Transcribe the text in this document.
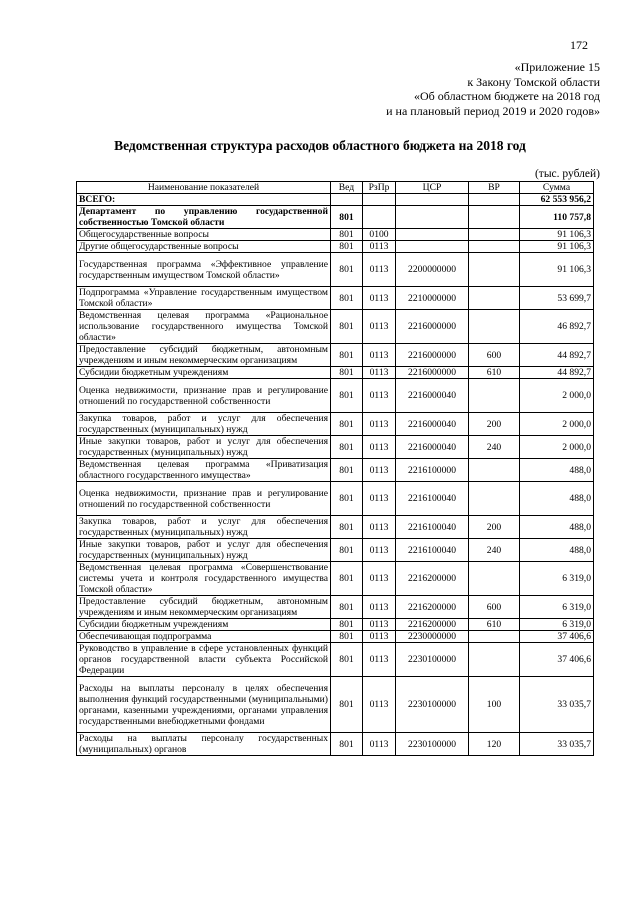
172
«Приложение 15
к Закону Томской области
«Об областном бюджете на 2018 год
и на плановый период 2019 и 2020 годов»
Ведомственная структура расходов областного бюджета на 2018 год
(тыс. рублей)
Наименование показателей	Вед	РзПр	ЦСР	ВР	Сумма
ВСЕГО:					62 553 956,2
Департамент по управлению государственной собственностью Томской области	801				110 757,8
Общегосударственные вопросы	801	0100			91 106,3
Другие общегосударственные вопросы	801	0113			91 106,3
Государственная программа «Эффективное управление государственным имуществом Томской области»	801	0113	2200000000		91 106,3
Подпрограмма «Управление государственным имуществом Томской области»	801	0113	2210000000		53 699,7
Ведомственная целевая программа «Рациональное использование государственного имущества Томской области»	801	0113	2216000000		46 892,7
Предоставление субсидий бюджетным, автономным учреждениям и иным некоммерческим организациям	801	0113	2216000000	600	44 892,7
Субсидии бюджетным учреждениям	801	0113	2216000000	610	44 892,7
Оценка недвижимости, признание прав и регулирование отношений по государственной собственности	801	0113	2216000040		2 000,0
Закупка товаров, работ и услуг для обеспечения государственных (муниципальных) нужд	801	0113	2216000040	200	2 000,0
Иные закупки товаров, работ и услуг для обеспечения государственных (муниципальных) нужд	801	0113	2216000040	240	2 000,0
Ведомственная целевая программа «Приватизация областного государственного имущества»	801	0113	2216100000		488,0
Оценка недвижимости, признание прав и регулирование отношений по государственной собственности	801	0113	2216100040		488,0
Закупка товаров, работ и услуг для обеспечения государственных (муниципальных) нужд	801	0113	2216100040	200	488,0
Иные закупки товаров, работ и услуг для обеспечения государственных (муниципальных) нужд	801	0113	2216100040	240	488,0
Ведомственная целевая программа «Совершенствование системы учета и контроля государственного имущества Томской области»	801	0113	2216200000		6 319,0
Предоставление субсидий бюджетным, автономным учреждениям и иным некоммерческим организациям	801	0113	2216200000	600	6 319,0
Субсидии бюджетным учреждениям	801	0113	2216200000	610	6 319,0
Обеспечивающая подпрограмма	801	0113	2230000000		37 406,6
Руководство в управление в сфере установленных функций органов государственной власти субъекта Российской Федерации	801	0113	2230100000		37 406,6
Расходы на выплаты персоналу в целях обеспечения выполнения функций государственными (муниципальными) органами, казенными учреждениями, органами управления государственными внебюджетными фондами	801	0113	2230100000	100	33 035,7
Расходы на выплаты персоналу государственных (муниципальных) органов	801	0113	2230100000	120	33 035,7
